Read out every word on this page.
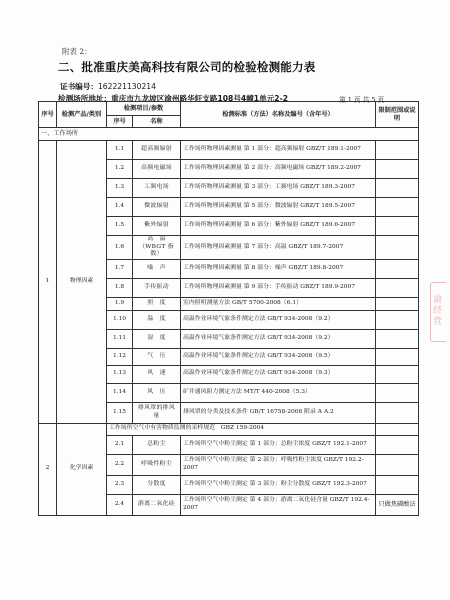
附表 2：
二、批准重庆美高科技有限公司的检验检测能力表
证书编号：162221130214
检测场所地址：重庆市九龙坡区渝州路华轩支路108号4幢1单元2-2	第 1 页 共 5 页
渝
经
营
序号	检测产品/类别	检测项目/参数		检测标准（方法）名称及编号（含年号）	限制范围或说明
		序号	名称		
一、工作场所					
1	物理因素	1.1	超高频辐射	工作场所物理因素测量 第 1 部分：超高频辐射 GBZ/T 189.1-2007	
		1.2	高频电磁场	工作场所物理因素测量 第 2 部分：高频电磁场 GBZ/T 189.2-2007	
		1.3	工频电场	工作场所物理因素测量 第 3 部分：工频电场 GBZ/T 189.3-2007	
		1.4	微波辐射	工作场所物理因素测量 第 5 部分：微波辐射 GBZ/T 189.5-2007	
		1.5	紫外辐射	工作场所物理因素测量 第 6 部分：紫外辐射 GBZ/T 189.6-2007	
		1.6	高　温（WBGT 指数）	工作场所物理因素测量 第 7 部分：高温 GBZ/T 189.7-2007	
		1.7	噪　声	工作场所物理因素测量 第 8 部分：噪声 GBZ/T 189.8-2007	
		1.8	手传振动	工作场所物理因素测量 第 9 部分：手传振动 GBZ/T 189.9-2007	
		1.9	照　度	室内照明测量方法 GB/T 5700-2008（6.1）	
		1.10	温　度	高温作业环境气象条件测定方法 GB/T 934-2008（9.2）	
		1.11	湿　度	高温作业环境气象条件测定方法 GB/T 934-2008（9.2）	
		1.12	气　压	高温作业环境气象条件测定方法 GB/T 934-2008（9.5）	
		1.13	风　速	高温作业环境气象条件测定方法 GB/T 934-2008（9.3）	
		1.14	风　压	矿井通风阻力测定方法 MT/T 440-2008（5.3）	
		1.15	排风罩的排风量	排风罩的分类及技术条件 GB/T 16758-2008 附录 A A.2	
2	化学因素	工作场所空气中有害物质监测的采样规范　GBZ 159-2004			
		2.1	总粉尘	工作场所空气中粉尘测定 第 1 部分：总粉尘浓度 GBZ/T 192.1-2007	
		2.2	呼吸性粉尘	工作场所空气中粉尘测定 第 2 部分：呼吸性粉尘浓度 GBZ/T 192.2-2007	
		2.3	分散度	工作场所空气中粉尘测定 第 3 部分：粉尘分散度 GBZ/T 192.3-2007	
		2.4	游离二氧化硅	工作场所空气中粉尘测定 第 4 部分：游离二氧化硅含量 GBZ/T 192.4-2007	只做焦磷酸法
